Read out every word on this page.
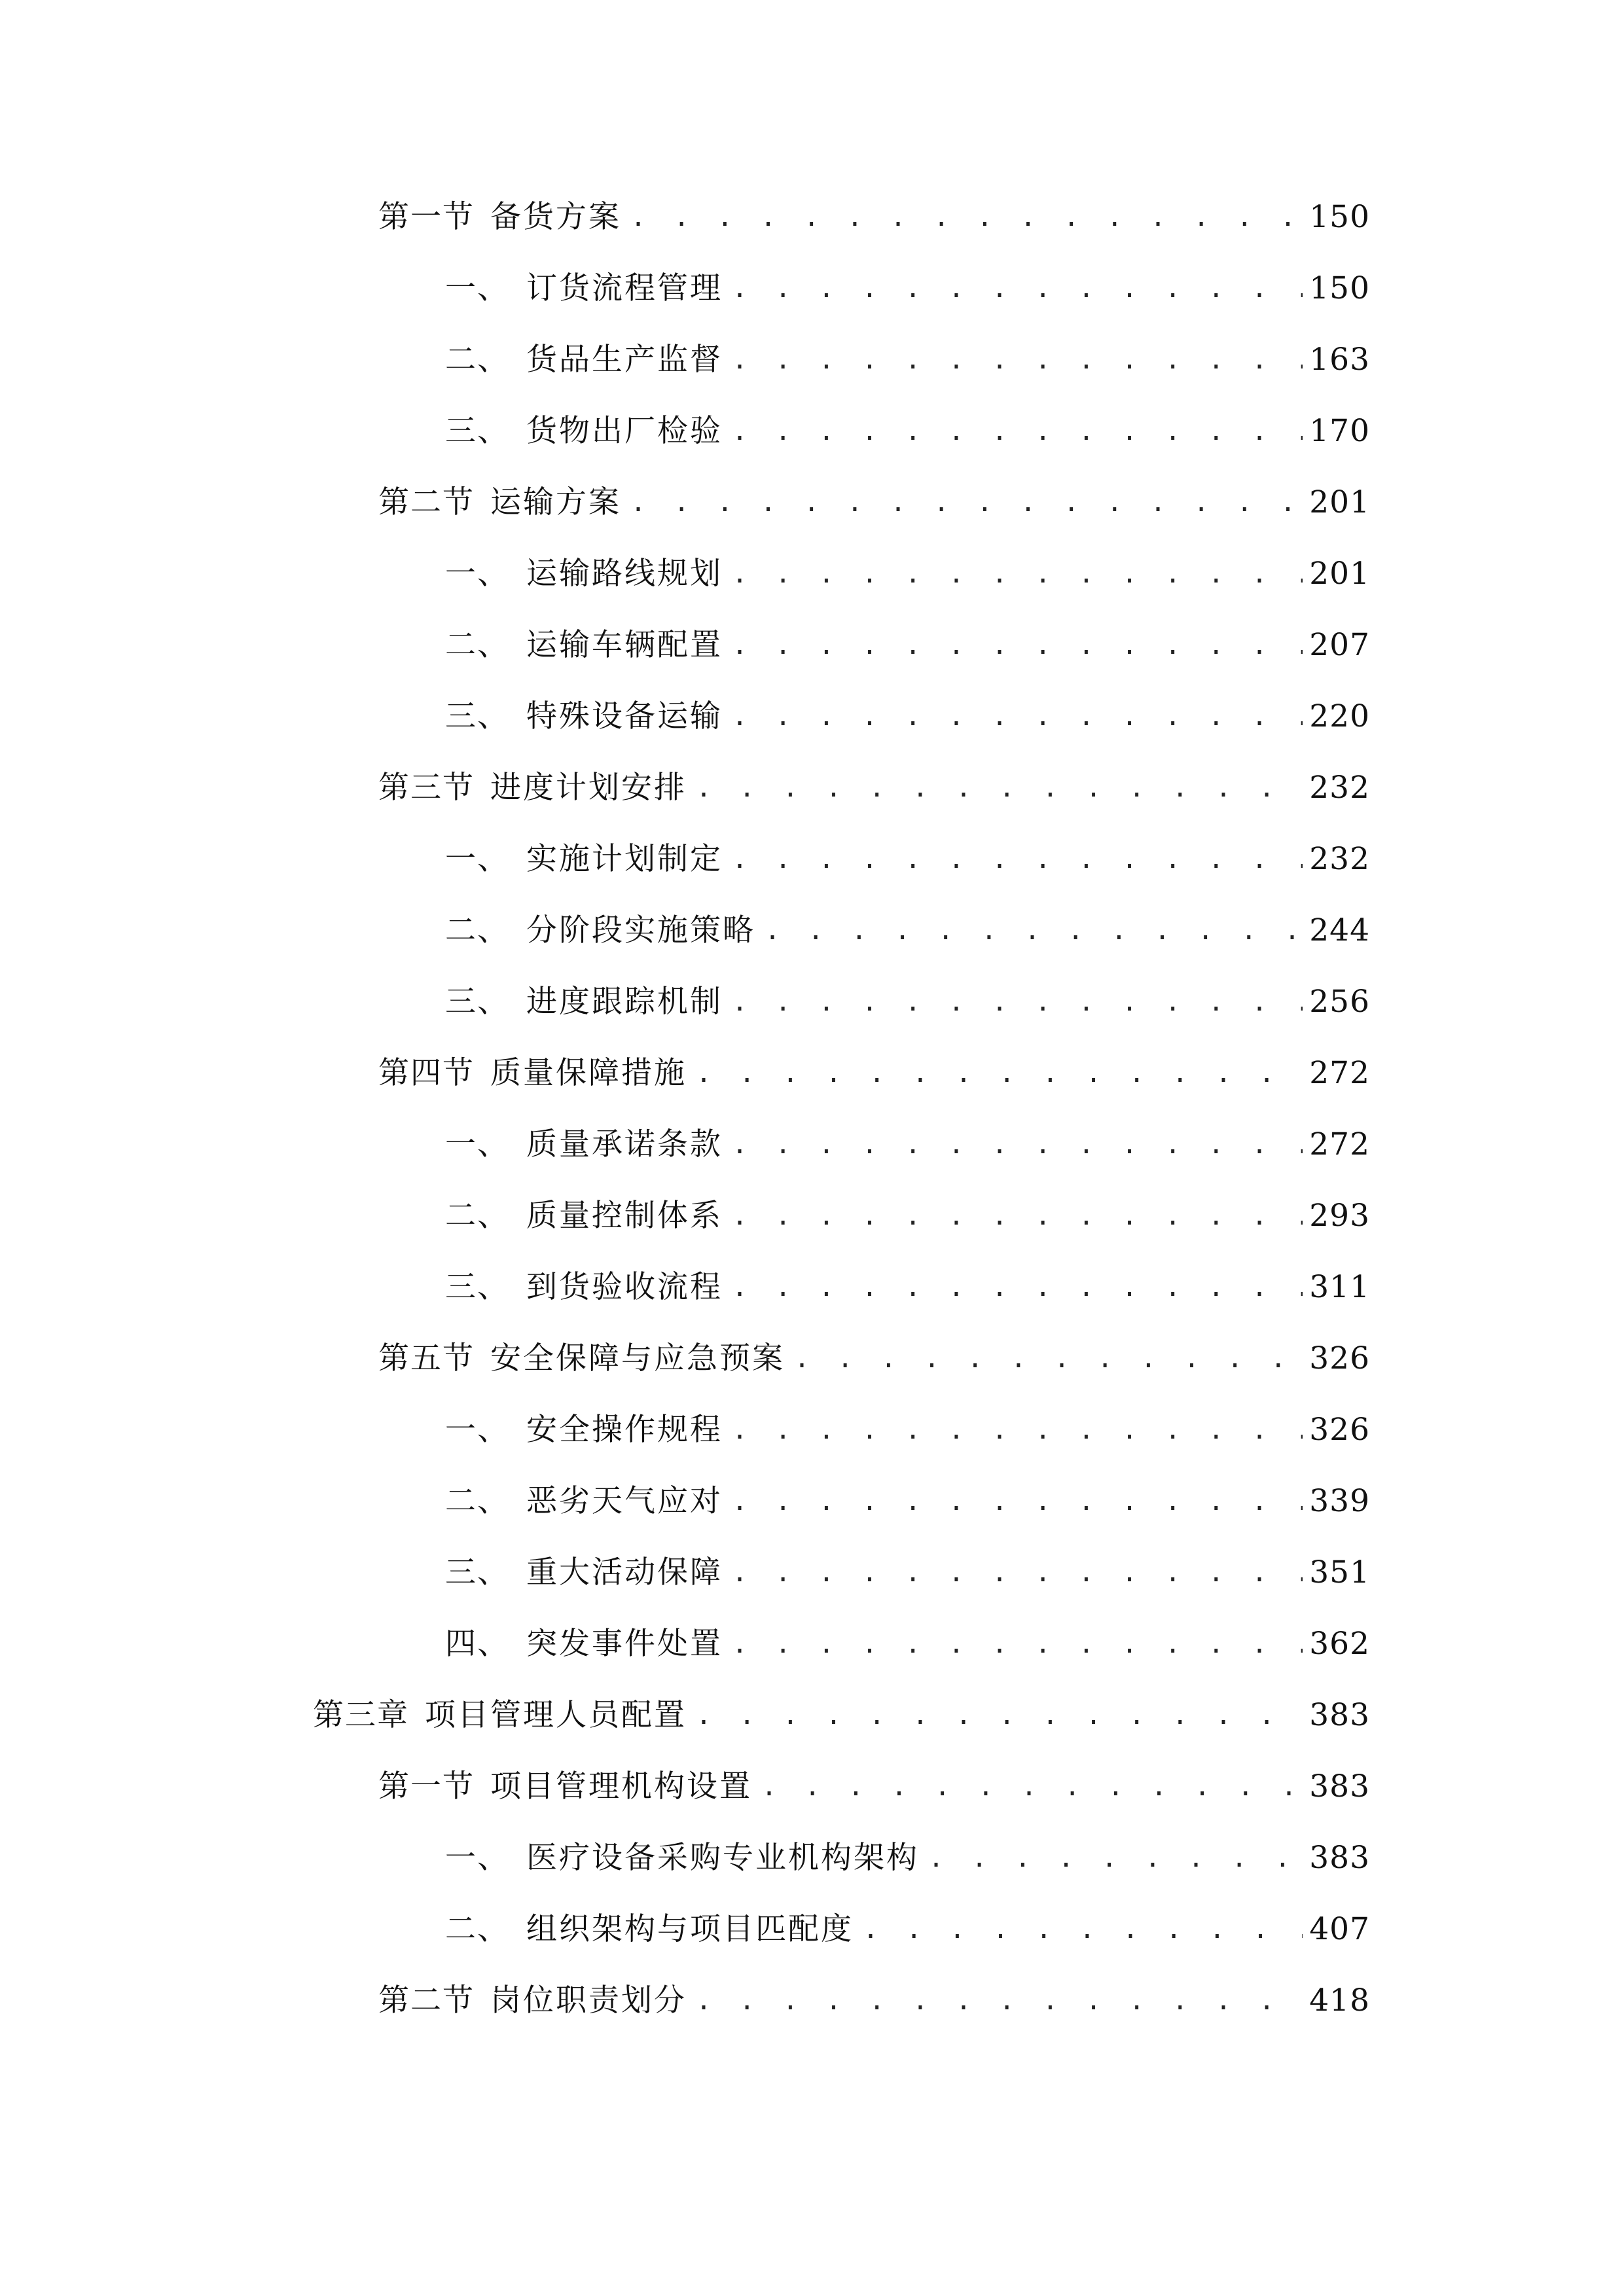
第一节 备货方案 . . .	150
一、 订货流程管理 . . .	150
二、 货品生产监督 . . .	163
三、 货物出厂检验 . . .	170
第二节 运输方案 . . .	201
一、 运输路线规划 . . .	201
二、 运输车辆配置 . . .	207
三、 特殊设备运输 . . .	220
第三节 进度计划安排 . . .	232
一、 实施计划制定 . . .	232
二、 分阶段实施策略 . . .	244
三、 进度跟踪机制 . . .	256
第四节 质量保障措施 . . .	272
一、 质量承诺条款 . . .	272
二、 质量控制体系 . . .	293
三、 到货验收流程 . . .	311
第五节 安全保障与应急预案 . . .	326
一、 安全操作规程 . . .	326
二、 恶劣天气应对 . . .	339
三、 重大活动保障 . . .	351
四、 突发事件处置 . . .	362
第三章 项目管理人员配置 . . .	383
第一节 项目管理机构设置 . . .	383
一、 医疗设备采购专业机构架构 . . .	383
二、 组织架构与项目匹配度 . . .	407
第二节 岗位职责划分 . . .	418
